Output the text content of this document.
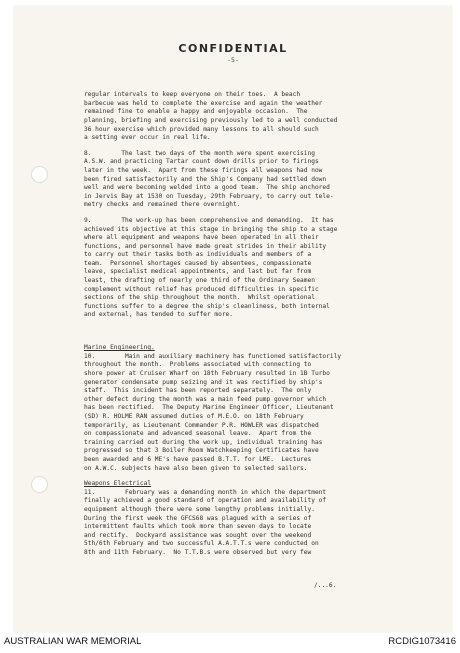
CONFIDENTIAL
-5-

regular intervals to keep everyone on their toes.  A beach
barbecue was held to complete the exercise and again the weather
remained fine to enable a happy and enjoyable occasion.  The
planning, briefing and exercising previously led to a well conducted
36 hour exercise which provided many lessons to all should such
a setting ever occur in real life.

8.        The last two days of the month were spent exercising
A.S.W. and practicing Tartar count down drills prior to firings
later in the week.  Apart from these firings all weapons had now
been fired satisfactorily and the Ship's Company had settled down
well and were becoming welded into a good team.  The ship anchored
in Jervis Bay at 1530 on Tuesday, 29th February, to carry out tele-
metry checks and remained there overnight.

9.        The work-up has been comprehensive and demanding.  It has
achieved its objective at this stage in bringing the ship to a stage
where all equipment and weapons have been operated in all their
functions, and personnel have made great strides in their ability
to carry out their tasks both as individuals and members of a
team.  Personnel shortages caused by absentees, compassionate
leave, specialist medical appointments, and last but far from
least, the drafting of nearly one third of the Ordinary Seamen
complement without relief has produced difficulties in specific
sections of the ship throughout the month.  Whilst operational
functions suffer to a degree the ship's cleanliness, both internal
and external, has tended to suffer more.

Marine Engineering.

10.        Main and auxiliary machinery has functioned satisfactorily
throughout the month.  Problems associated with connecting to
shore power at Cruiser Wharf on 18th February resulted in 1B Turbo
generator condensate pump seizing and it was rectified by ship's
staff.  This incident has been reported separately.  The only
other defect during the month was a main feed pump governor which
has been rectified.  The Deputy Marine Engineer Officer, Lieutenant
(SD) R. HOLME RAN assumed duties of M.E.O. on 18th February
temporarily, as Lieutenant Commander P.R. HOWLER was dispatched
on compassionate and advanced seasonal leave.  Apart from the
training carried out during the work up, individual training has
progressed so that 3 Boiler Room Watchkeeping Certificates have
been awarded and 6 ME's have passed B.T.T. for LME.  Lectures
on A.W.C. subjects have also been given to selected sailors.

Weapons Electrical

11.        February was a demanding month in which the department
finally achieved a good standard of operation and availability of
equipment although there were some lengthy problems initially.
During the first week the GFCS68 was plagued with a series of
intermittent faults which took more than seven days to locate
and rectify.  Dockyard assistance was sought over the weekend
5th/6th February and two successful A.A.T.T.s were conducted on
8th and 11th February.  No T.T.B.s were observed but very few

/...6.

AUSTRALIAN WAR MEMORIAL	RCDIG1073416
